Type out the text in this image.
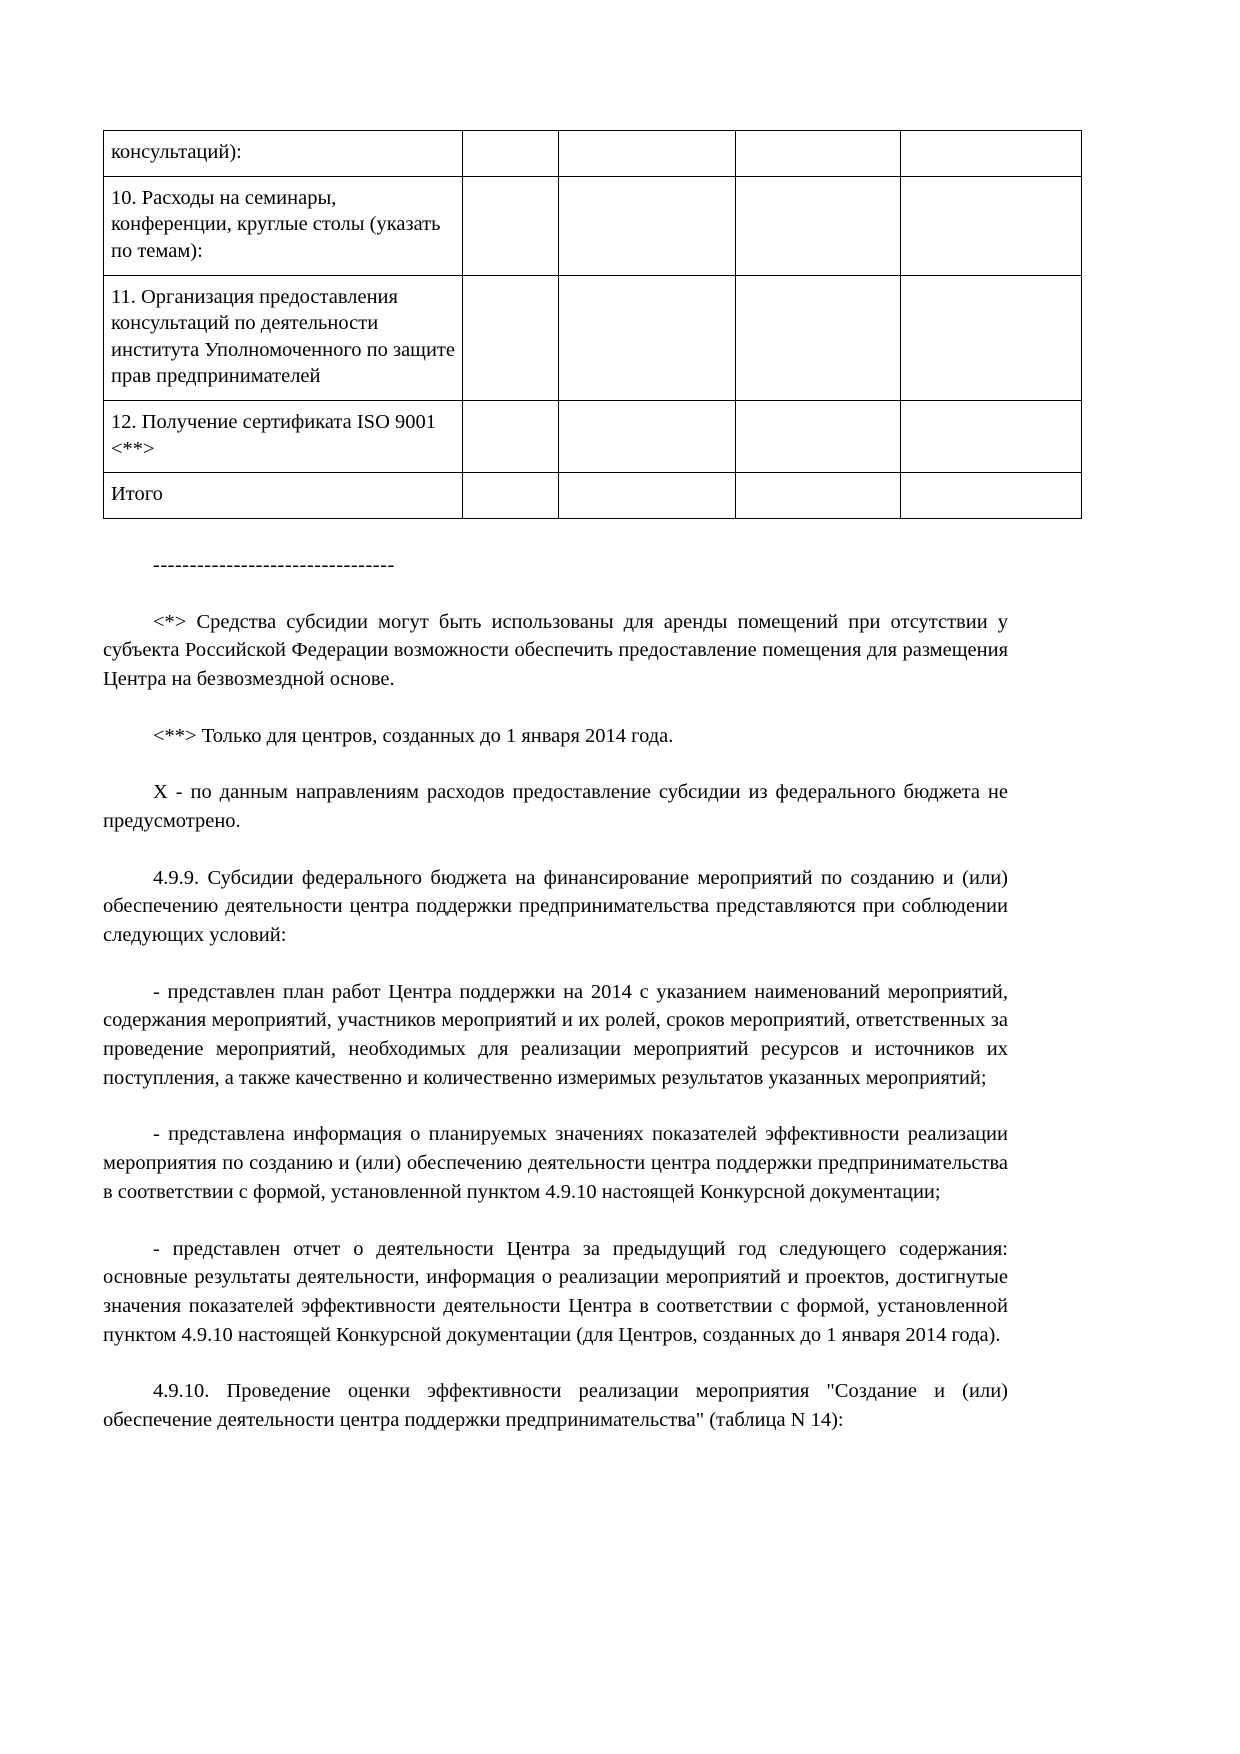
консультаций):				
10. Расходы на семинары, конференции, круглые столы (указать по темам):				
11. Организация предоставления консультаций по деятельности института Уполномоченного по защите прав предпринимателей				
12. Получение сертификата ISO 9001 <**>				
Итого				
---------------------------------

<*> Средства субсидии могут быть использованы для аренды помещений при отсутствии у субъекта Российской Федерации возможности обеспечить предоставление помещения для размещения Центра на безвозмездной основе.

<**> Только для центров, созданных до 1 января 2014 года.

X - по данным направлениям расходов предоставление субсидии из федерального бюджета не предусмотрено.

4.9.9. Субсидии федерального бюджета на финансирование мероприятий по созданию и (или) обеспечению деятельности центра поддержки предпринимательства представляются при соблюдении следующих условий:

- представлен план работ Центра поддержки на 2014 с указанием наименований мероприятий, содержания мероприятий, участников мероприятий и их ролей, сроков мероприятий, ответственных за проведение мероприятий, необходимых для реализации мероприятий ресурсов и источников их поступления, а также качественно и количественно измеримых результатов указанных мероприятий;

- представлена информация о планируемых значениях показателей эффективности реализации мероприятия по созданию и (или) обеспечению деятельности центра поддержки предпринимательства в соответствии с формой, установленной пунктом 4.9.10 настоящей Конкурсной документации;

- представлен отчет о деятельности Центра за предыдущий год следующего содержания: основные результаты деятельности, информация о реализации мероприятий и проектов, достигнутые значения показателей эффективности деятельности Центра в соответствии с формой, установленной пунктом 4.9.10 настоящей Конкурсной документации (для Центров, созданных до 1 января 2014 года).

4.9.10. Проведение оценки эффективности реализации мероприятия "Создание и (или) обеспечение деятельности центра поддержки предпринимательства" (таблица N 14):
